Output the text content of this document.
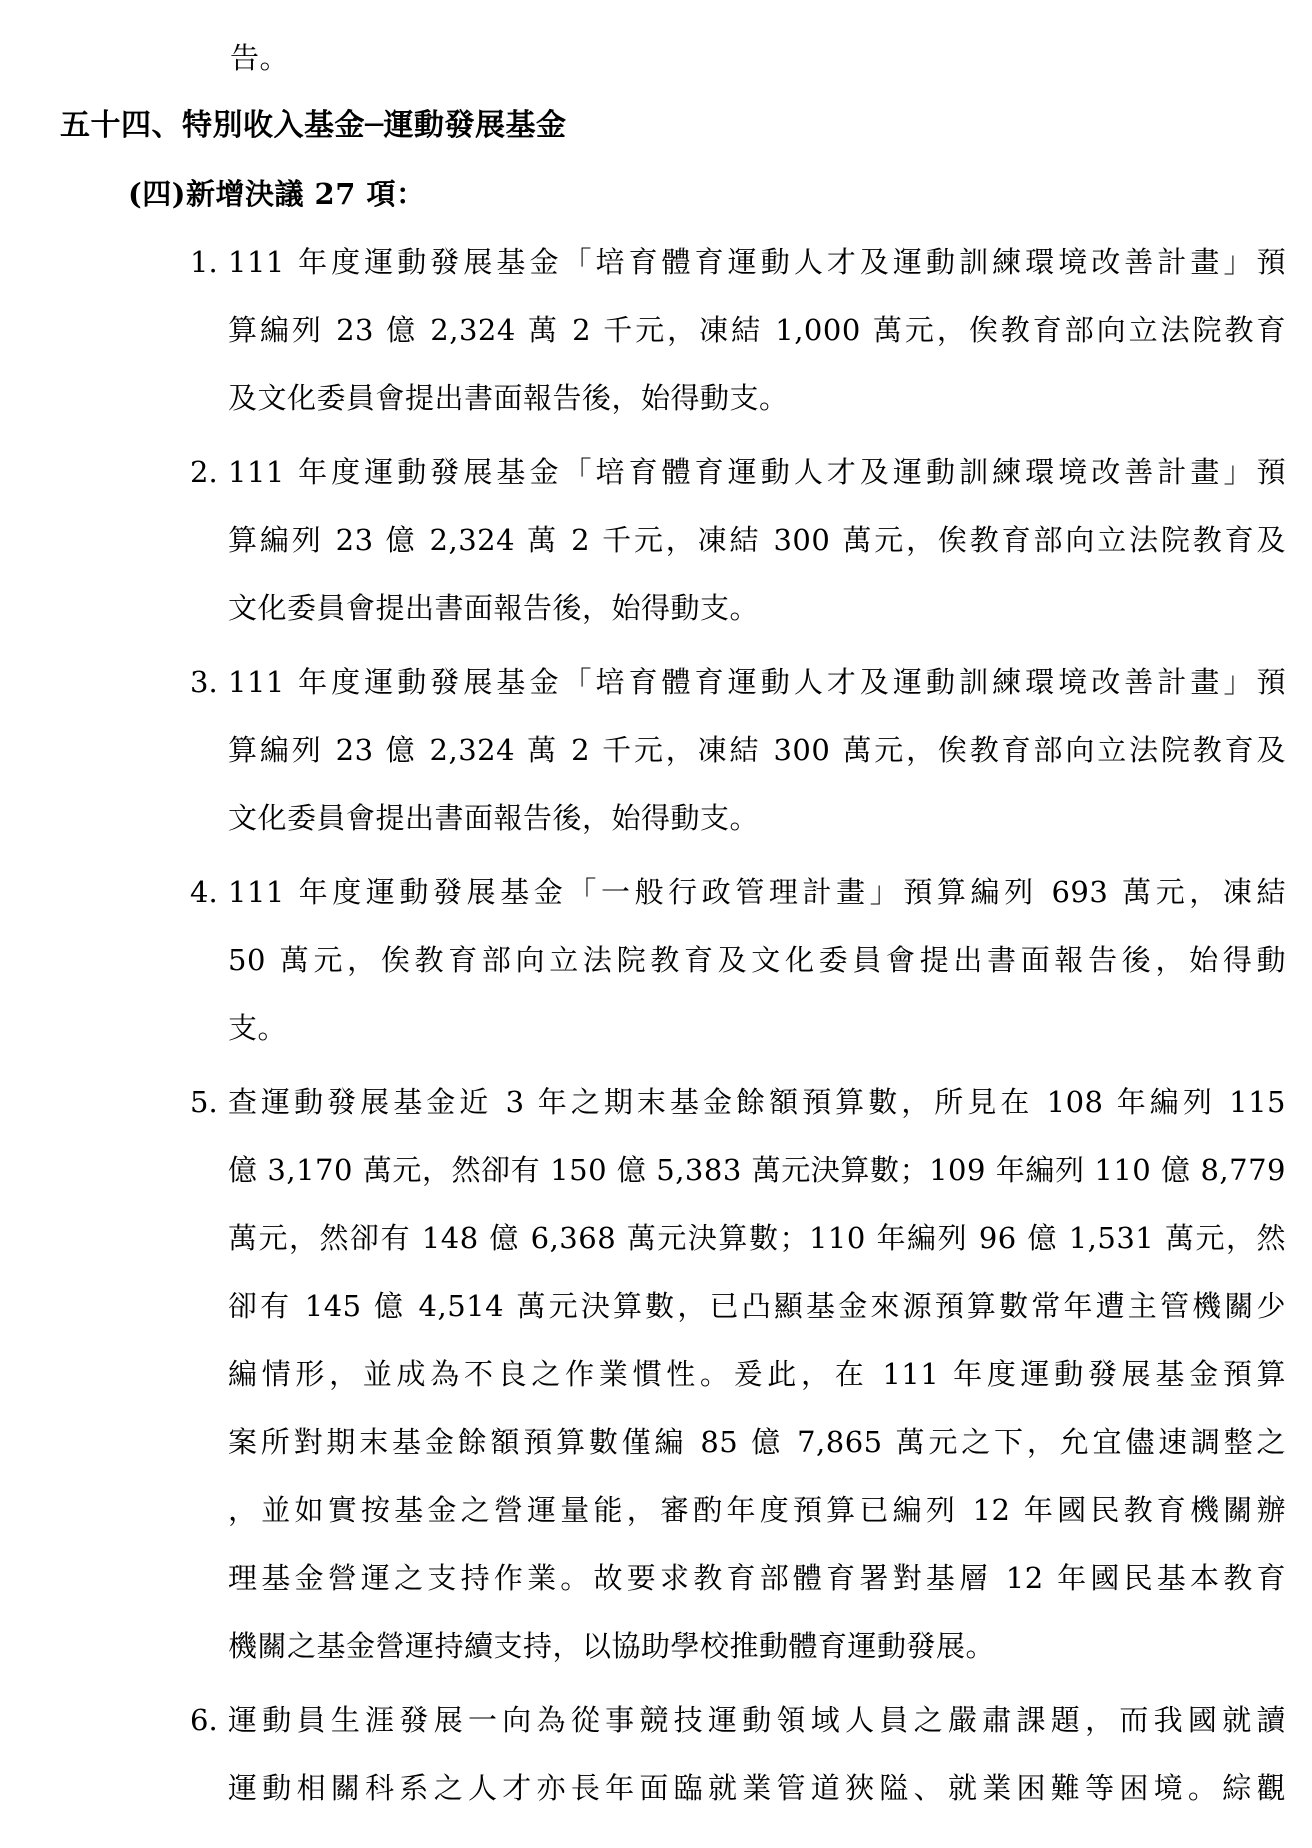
告。
五十四、特別收入基金─運動發展基金
(四)新增決議 27 項：
1. 111 年度運動發展基金「培育體育運動人才及運動訓練環境改善計畫」預
算編列 23 億 2,324 萬 2 千元，凍結 1,000 萬元，俟教育部向立法院教育
及文化委員會提出書面報告後，始得動支。
2. 111 年度運動發展基金「培育體育運動人才及運動訓練環境改善計畫」預
算編列 23 億 2,324 萬 2 千元，凍結 300 萬元，俟教育部向立法院教育及
文化委員會提出書面報告後，始得動支。
3. 111 年度運動發展基金「培育體育運動人才及運動訓練環境改善計畫」預
算編列 23 億 2,324 萬 2 千元，凍結 300 萬元，俟教育部向立法院教育及
文化委員會提出書面報告後，始得動支。
4. 111 年度運動發展基金「一般行政管理計畫」預算編列 693 萬元，凍結
50 萬元，俟教育部向立法院教育及文化委員會提出書面報告後，始得動
支。
5. 查運動發展基金近 3 年之期末基金餘額預算數，所見在 108 年編列 115
億 3,170 萬元，然卻有 150 億 5,383 萬元決算數；109 年編列 110 億 8,779
萬元，然卻有 148 億 6,368 萬元決算數；110 年編列 96 億 1,531 萬元，然
卻有 145 億 4,514 萬元決算數，已凸顯基金來源預算數常年遭主管機關少
編情形，並成為不良之作業慣性。爰此，在 111 年度運動發展基金預算
案所對期末基金餘額預算數僅編 85 億 7,865 萬元之下，允宜儘速調整之
，並如實按基金之營運量能，審酌年度預算已編列 12 年國民教育機關辦
理基金營運之支持作業。故要求教育部體育署對基層 12 年國民基本教育
機關之基金營運持續支持，以協助學校推動體育運動發展。
6. 運動員生涯發展一向為從事競技運動領域人員之嚴肅課題，而我國就讀
運動相關科系之人才亦長年面臨就業管道狹隘、就業困難等困境。綜觀
